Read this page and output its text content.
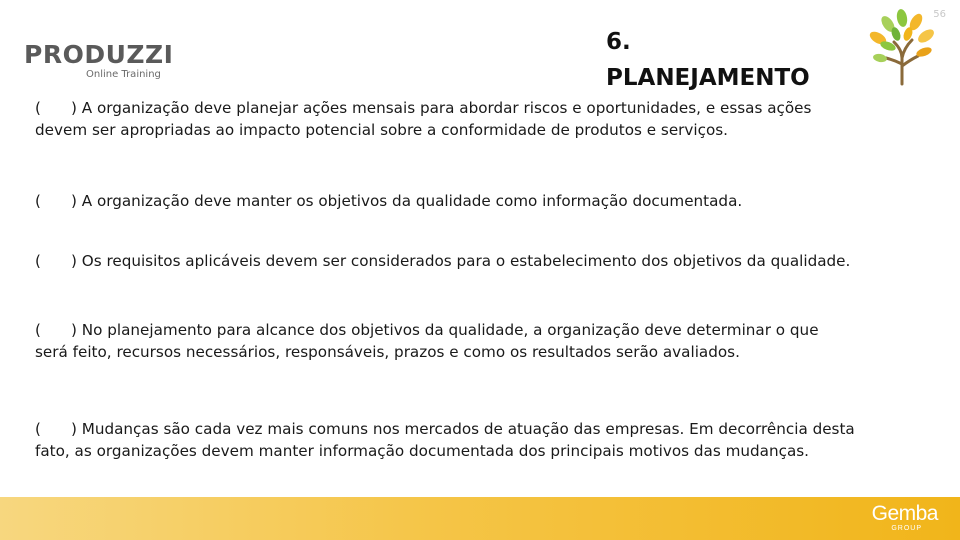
56
PRODUZZI
Online Training
6.
PLANEJAMENTO
( ) A organização deve planejar ações mensais para abordar riscos e oportunidades, e essas ações devem ser apropriadas ao impacto potencial sobre a conformidade de produtos e serviços.
( ) A organização deve manter os objetivos da qualidade como informação documentada.
( ) Os requisitos aplicáveis devem ser considerados para o estabelecimento dos objetivos da qualidade.
( ) No planejamento para alcance dos objetivos da qualidade, a organização deve determinar o que será feito, recursos necessários, responsáveis, prazos e como os resultados serão avaliados.
( ) Mudanças são cada vez mais comuns nos mercados de atuação das empresas. Em decorrência desta fato, as organizações devem manter informação documentada dos principais motivos das mudanças.
Gemba
GROUP
